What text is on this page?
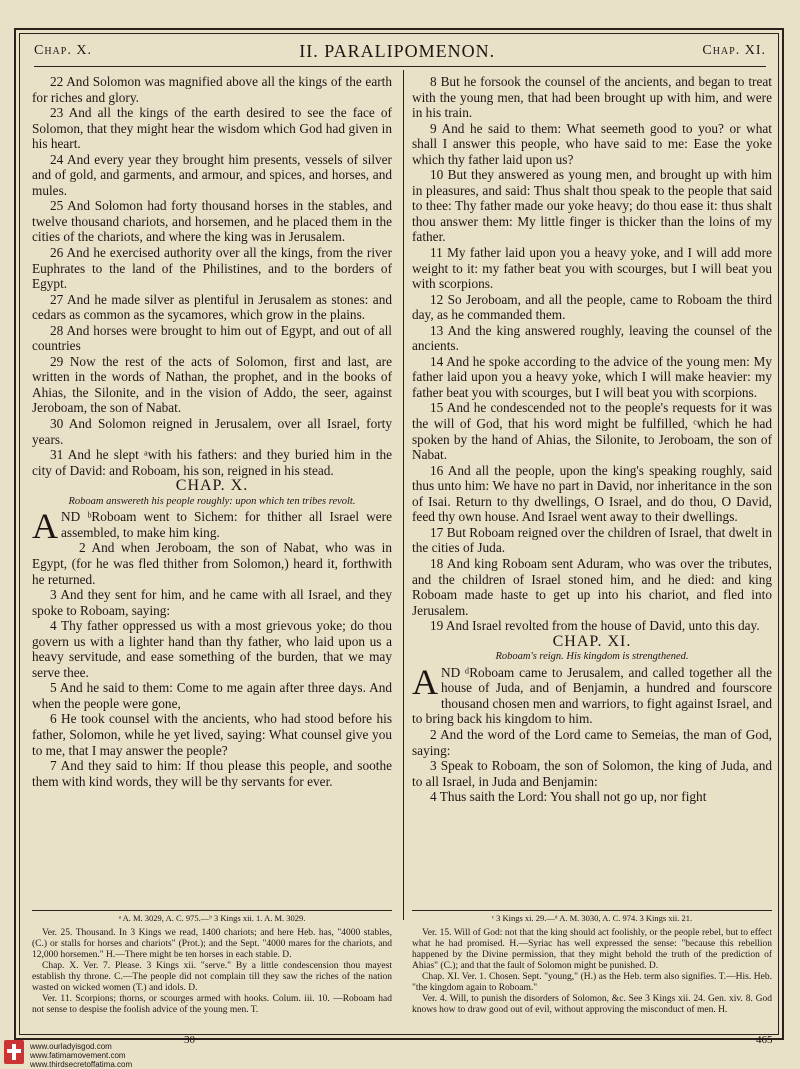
Chap. X.	II. PARALIPOMENON.	Chap. XI.

22 And Solomon was magnified above all the kings of the earth for riches and glory.

23 And all the kings of the earth desired to see the face of Solomon, that they might hear the wisdom which God had given in his heart.

24 And every year they brought him presents, vessels of silver and of gold, and garments, and armour, and spices, and horses, and mules.

25 And Solomon had forty thousand horses in the stables, and twelve thousand chariots, and horsemen, and he placed them in the cities of the chariots, and where the king was in Jerusalem.

26 And he exercised authority over all the kings, from the river Euphrates to the land of the Philistines, and to the borders of Egypt.

27 And he made silver as plentiful in Jerusalem as stones: and cedars as common as the sycamores, which grow in the plains.

28 And horses were brought to him out of Egypt, and out of all countries

29 Now the rest of the acts of Solomon, first and last, are written in the words of Nathan, the prophet, and in the books of Ahias, the Silonite, and in the vision of Addo, the seer, against Jeroboam, the son of Nabat.

30 And Solomon reigned in Jerusalem, over all Israel, forty years.

31 And he slept ᵃwith his fathers: and they buried him in the city of David: and Roboam, his son, reigned in his stead.

CHAP. X.

Roboam answereth his people roughly: upon which ten tribes revolt.

AND ᵇRoboam went to Sichem: for thither all Israel were assembled, to make him king.

2 And when Jeroboam, the son of Nabat, who was in Egypt, (for he was fled thither from Solomon,) heard it, forthwith he returned.

3 And they sent for him, and he came with all Israel, and they spoke to Roboam, saying:

4 Thy father oppressed us with a most grievous yoke; do thou govern us with a lighter hand than thy father, who laid upon us a heavy servitude, and ease something of the burden, that we may serve thee.

5 And he said to them: Come to me again after three days. And when the people were gone,

6 He took counsel with the ancients, who had stood before his father, Solomon, while he yet lived, saying: What counsel give you to me, that I may answer the people?

7 And they said to him: If thou please this people, and soothe them with kind words, they will be thy servants for ever.

8 But he forsook the counsel of the ancients, and began to treat with the young men, that had been brought up with him, and were in his train.

9 And he said to them: What seemeth good to you? or what shall I answer this people, who have said to me: Ease the yoke which thy father laid upon us?

10 But they answered as young men, and brought up with him in pleasures, and said: Thus shalt thou speak to the people that said to thee: Thy father made our yoke heavy; do thou ease it: thus shalt thou answer them: My little finger is thicker than the loins of my father.

11 My father laid upon you a heavy yoke, and I will add more weight to it: my father beat you with scourges, but I will beat you with scorpions.

12 So Jeroboam, and all the people, came to Roboam the third day, as he commanded them.

13 And the king answered roughly, leaving the counsel of the ancients.

14 And he spoke according to the advice of the young men: My father laid upon you a heavy yoke, which I will make heavier: my father beat you with scourges, but I will beat you with scorpions.

15 And he condescended not to the people's requests for it was the will of God, that his word might be fulfilled, ᶜwhich he had spoken by the hand of Ahias, the Silonite, to Jeroboam, the son of Nabat.

16 And all the people, upon the king's speaking roughly, said thus unto him: We have no part in David, nor inheritance in the son of Isai. Return to thy dwellings, O Israel, and do thou, O David, feed thy own house. And Israel went away to their dwellings.

17 But Roboam reigned over the children of Israel, that dwelt in the cities of Juda.

18 And king Roboam sent Aduram, who was over the tributes, and the children of Israel stoned him, and he died: and king Roboam made haste to get up into his chariot, and fled into Jerusalem.

19 And Israel revolted from the house of David, unto this day.

CHAP. XI.

Roboam's reign. His kingdom is strengthened.

AND ᵈRoboam came to Jerusalem, and called together all the house of Juda, and of Benjamin, a hundred and fourscore thousand chosen men and warriors, to fight against Israel, and to bring back his kingdom to him.

2 And the word of the Lord came to Semeias, the man of God, saying:

3 Speak to Roboam, the son of Solomon, the king of Juda, and to all Israel, in Juda and Benjamin:

4 Thus saith the Lord: You shall not go up, nor fight

ᵃ A. M. 3029, A. C. 975.—ᵇ 3 Kings xii. 1. A. M. 3029.	ᶜ 3 Kings xi. 29.—ᵈ A. M. 3030, A. C. 974. 3 Kings xii. 21.

Ver. 25. Thousand. In 3 Kings we read, 1400 chariots; and here Heb. has, "4000 stables, (C.) or stalls for horses and chariots" (Prot.); and the Sept. "4000 mares for the chariots, and 12,000 horsemen." H.—There might be ten horses in each stable. D.

Chap. X. Ver. 7. Please. 3 Kings xii. "serve." By a little condescension thou mayest establish thy throne. C.—The people did not complain till they saw the riches of the nation wasted on wicked women (T.) and idols. D.

Ver. 11. Scorpions; thorns, or scourges armed with hooks. Colum. iii. 10. —Roboam had not sense to despise the foolish advice of the young men. T.

Ver. 15. Will of God: not that the king should act foolishly, or the people rebel, but to effect what he had promised. H.—Syriac has well expressed the sense: "because this rebellion happened by the Divine permission, that they might behold the truth of the prediction of Ahias" (C.); and that the fault of Solomon might be punished. D.

Chap. XI. Ver. 1. Chosen. Sept. "young," (H.) as the Heb. term also signifies. T.—His. Heb. "the kingdom again to Roboam."

Ver. 4. Will, to punish the disorders of Solomon, &c. See 3 Kings xii. 24. Gen. xiv. 8. God knows how to draw good out of evil, without approving the misconduct of men. H.

30	465
www.ourladyisgod.com
www.fatimamovement.com
www.thirdsecretoffatima.com
